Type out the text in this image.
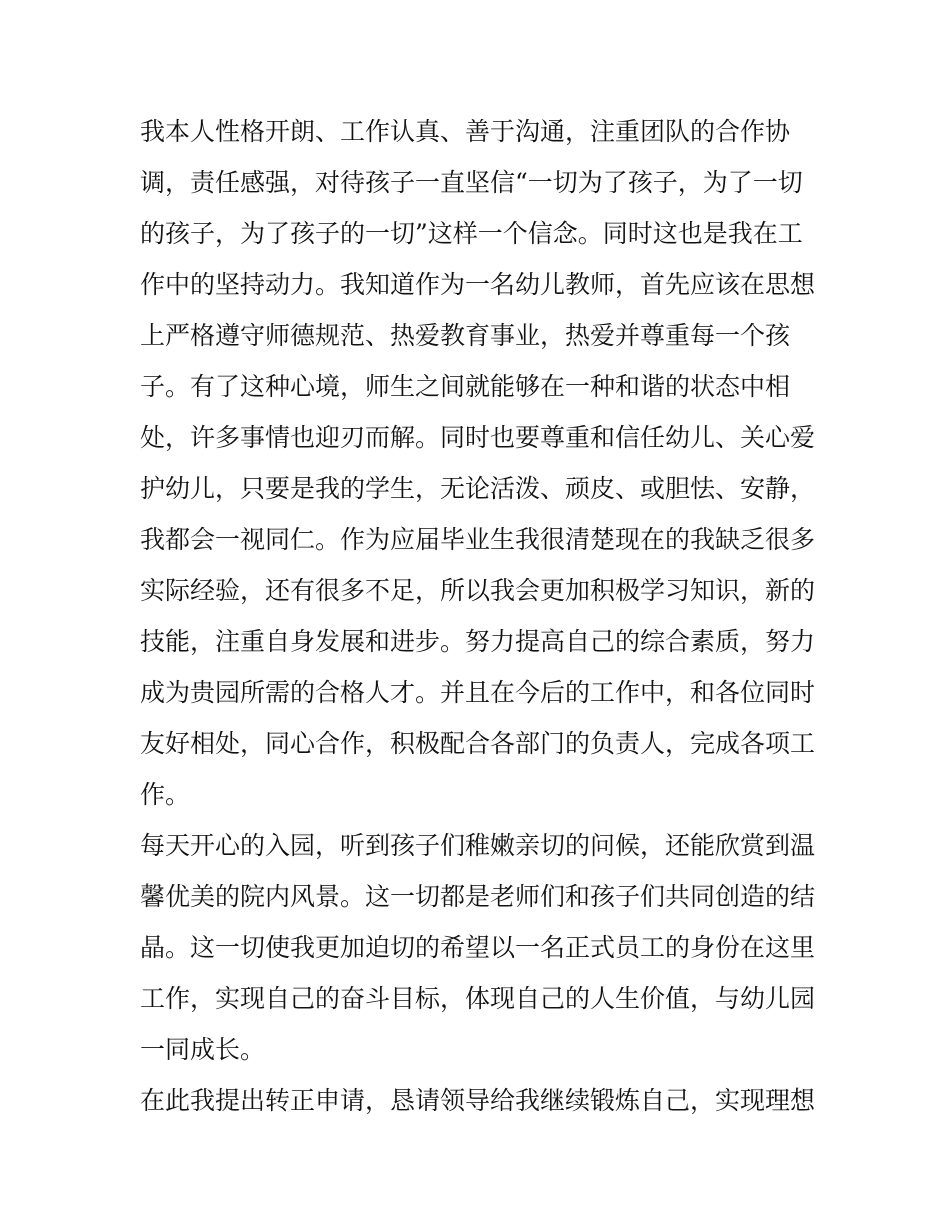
我本人性格开朗、工作认真、善于沟通，注重团队的合作协
调，责任感强，对待孩子一直坚信“一切为了孩子，为了一切
的孩子，为了孩子的一切”这样一个信念。同时这也是我在工
作中的坚持动力。我知道作为一名幼儿教师，首先应该在思想
上严格遵守师德规范、热爱教育事业，热爱并尊重每一个孩
子。有了这种心境，师生之间就能够在一种和谐的状态中相
处，许多事情也迎刃而解。同时也要尊重和信任幼儿、关心爱
护幼儿，只要是我的学生，无论活泼、顽皮、或胆怯、安静，
我都会一视同仁。作为应届毕业生我很清楚现在的我缺乏很多
实际经验，还有很多不足，所以我会更加积极学习知识，新的
技能，注重自身发展和进步。努力提高自己的综合素质，努力
成为贵园所需的合格人才。并且在今后的工作中，和各位同时
友好相处，同心合作，积极配合各部门的负责人，完成各项工
作。
每天开心的入园，听到孩子们稚嫩亲切的问候，还能欣赏到温
馨优美的院内风景。这一切都是老师们和孩子们共同创造的结
晶。这一切使我更加迫切的希望以一名正式员工的身份在这里
工作，实现自己的奋斗目标，体现自己的人生价值，与幼儿园
一同成长。
在此我提出转正申请，恳请领导给我继续锻炼自己，实现理想
